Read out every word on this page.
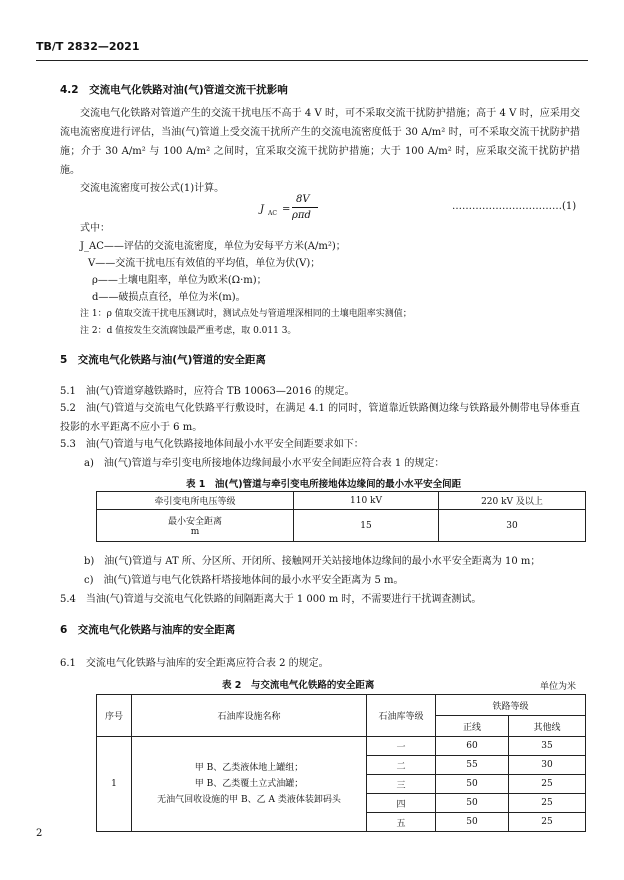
TB/T 2832—2021
4.2　交流电气化铁路对油(气)管道交流干扰影响
交流电气化铁路对管道产生的交流干扰电压不高于 4 V 时，可不采取交流干扰防护措施；高于 4 V 时，应采用交流电流密度进行评估，当油(气)管道上受交流干扰所产生的交流电流密度低于 30 A/m² 时，可不采取交流干扰防护措施；介于 30 A/m² 与 100 A/m² 之间时，宜采取交流干扰防护措施；大于 100 A/m² 时，应采取交流干扰防护措施。
交流电流密度可按公式(1)计算。
J AC =
8V
ρπd
……………………………(1)
式中：
J_AC——评估的交流电流密度，单位为安每平方米(A/m²)；
V——交流干扰电压有效值的平均值，单位为伏(V)；
ρ——土壤电阻率，单位为欧米(Ω·m)；
d——破损点直径，单位为米(m)。
注 1：ρ 值取交流干扰电压测试时，测试点处与管道埋深相同的土壤电阻率实测值；
注 2：d 值按发生交流腐蚀最严重考虑，取 0.011 3。
5　交流电气化铁路与油(气)管道的安全距离
5.1　油(气)管道穿越铁路时，应符合 TB 10063—2016 的规定。
5.2　油(气)管道与交流电气化铁路平行敷设时，在满足 4.1 的同时，管道靠近铁路侧边缘与铁路最外侧带电导体垂直投影的水平距离不应小于 6 m。
5.3　油(气)管道与电气化铁路接地体间最小水平安全间距要求如下：
a)　油(气)管道与牵引变电所接地体边缘间最小水平安全间距应符合表 1 的规定：
表 1　油(气)管道与牵引变电所接地体边缘间的最小水平安全间距
牵引变电所电压等级	110 kV	220 kV 及以上

最小安全距离
m	15	30
b)　油(气)管道与 AT 所、分区所、开闭所、接触网开关站接地体边缘间的最小水平安全距离为 10 m；
c)　油(气)管道与电气化铁路杆塔接地体间的最小水平安全距离为 5 m。
5.4　当油(气)管道与交流电气化铁路的间隔距离大于 1 000 m 时，不需要进行干扰调查测试。
6　交流电气化铁路与油库的安全距离
6.1　交流电气化铁路与油库的安全距离应符合表 2 的规定。
表 2　与交流电气化铁路的安全距离	单位为米
序号	石油库设施名称	石油库等级	铁路等级	
			正线	其他线
1	甲 B、乙类液体地上罐组；
甲 B、乙类覆土立式油罐；
无油气回收设施的甲 B、乙 A 类液体装卸码头	一	60	35
		二	55	30
		三	50	25
		四	50	25
		五	50	25
2
